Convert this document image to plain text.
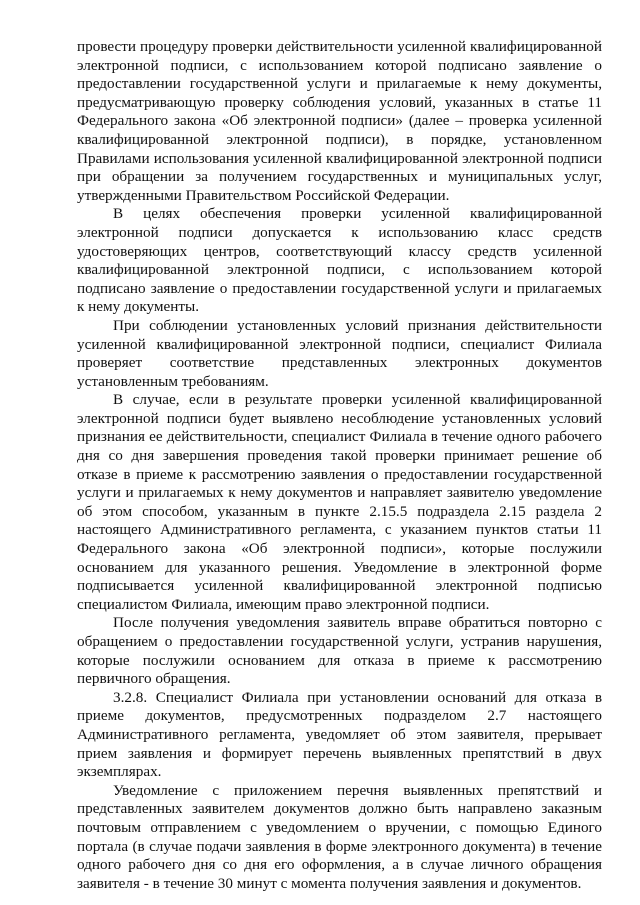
провести процедуру проверки действительности усиленной квалифицированной электронной подписи, с использованием которой подписано заявление о предоставлении государственной услуги и прилагаемые к нему документы, предусматривающую проверку соблюдения условий, указанных в статье 11 Федерального закона «Об электронной подписи» (далее – проверка усиленной квалифицированной электронной подписи), в порядке, установленном Правилами использования усиленной квалифицированной электронной подписи при обращении за получением государственных и муниципальных услуг, утвержденными Правительством Российской Федерации.

В целях обеспечения проверки усиленной квалифицированной электронной подписи допускается к использованию класс средств удостоверяющих центров, соответствующий классу средств усиленной квалифицированной электронной подписи, с использованием которой подписано заявление о предоставлении государственной услуги и прилагаемых к нему документы.

При соблюдении установленных условий признания действительности усиленной квалифицированной электронной подписи, специалист Филиала проверяет соответствие представленных электронных документов установленным требованиям.

В случае, если в результате проверки усиленной квалифицированной электронной подписи будет выявлено несоблюдение установленных условий признания ее действительности, специалист Филиала в течение одного рабочего дня со дня завершения проведения такой проверки принимает решение об отказе в приеме к рассмотрению заявления о предоставлении государственной услуги и прилагаемых к нему документов и направляет заявителю уведомление об этом способом, указанным в пункте 2.15.5 подраздела 2.15 раздела 2 настоящего Административного регламента, с указанием пунктов статьи 11 Федерального закона «Об электронной подписи», которые послужили основанием для указанного решения. Уведомление в электронной форме подписывается усиленной квалифицированной электронной подписью специалистом Филиала, имеющим право электронной подписи.

После получения уведомления заявитель вправе обратиться повторно с обращением о предоставлении государственной услуги, устранив нарушения, которые послужили основанием для отказа в приеме к рассмотрению первичного обращения.

3.2.8. Специалист Филиала при установлении оснований для отказа в приеме документов, предусмотренных подразделом 2.7 настоящего Административного регламента, уведомляет об этом заявителя, прерывает прием заявления и формирует перечень выявленных препятствий в двух экземплярах.

Уведомление с приложением перечня выявленных препятствий и представленных заявителем документов должно быть направлено заказным почтовым отправлением с уведомлением о вручении, с помощью Единого портала (в случае подачи заявления в форме электронного документа) в течение одного рабочего дня со дня его оформления, а в случае личного обращения заявителя - в течение 30 минут с момента получения заявления и документов.
